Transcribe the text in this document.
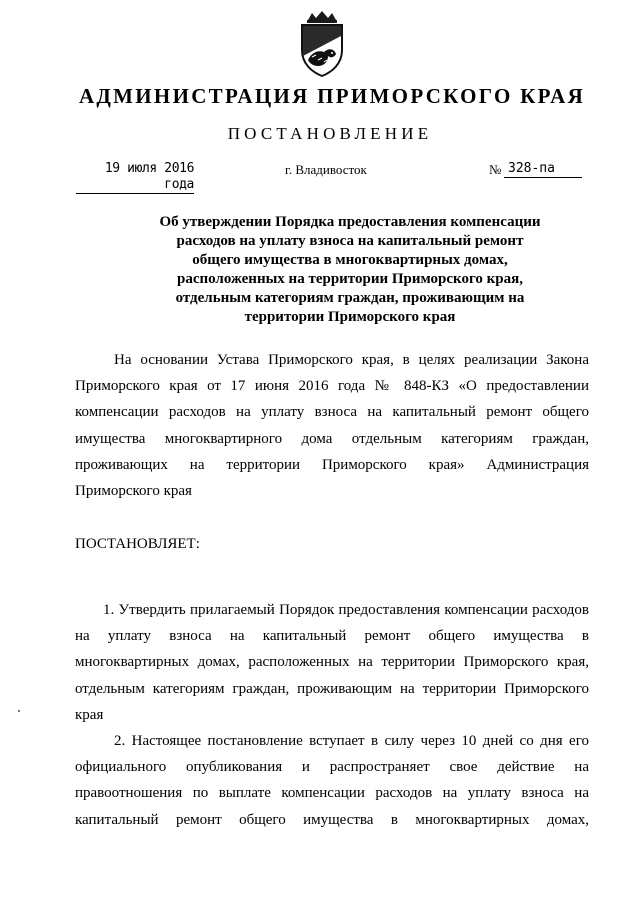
АДМИНИСТРАЦИЯ ПРИМОРСКОГО КРАЯ
ПОСТАНОВЛЕНИЕ
19 июля 2016 года
г. Владивосток	№ 328-па
Об утверждении Порядка предоставления компенсации
расходов на уплату взноса на капитальный ремонт
общего имущества в многоквартирных домах,
расположенных на территории Приморского края,
отдельным категориям граждан, проживающим на
территории Приморского края
На основании Устава Приморского края, в целях реализации Закона
Приморского края от 17 июня 2016 года № 848-КЗ «О предоставлении
компенсации расходов на уплату взноса на капитальный ремонт общего
имущества многоквартирного дома отдельным категориям граждан,
проживающих на территории Приморского края» Администрация
Приморского края
ПОСТАНОВЛЯЕТ:
1. Утвердить прилагаемый Порядок предоставления компенсации расходов
на уплату взноса на капитальный ремонт общего имущества в
многоквартирных домах, расположенных на территории Приморского края,
отдельным категориям граждан, проживающим на территории Приморского
края
2. Настоящее постановление вступает в силу через 10 дней со дня его
официального опубликования и распространяет свое действие на
правоотношения по выплате компенсации расходов на уплату взноса на
капитальный ремонт общего имущества в многоквартирных домах,
